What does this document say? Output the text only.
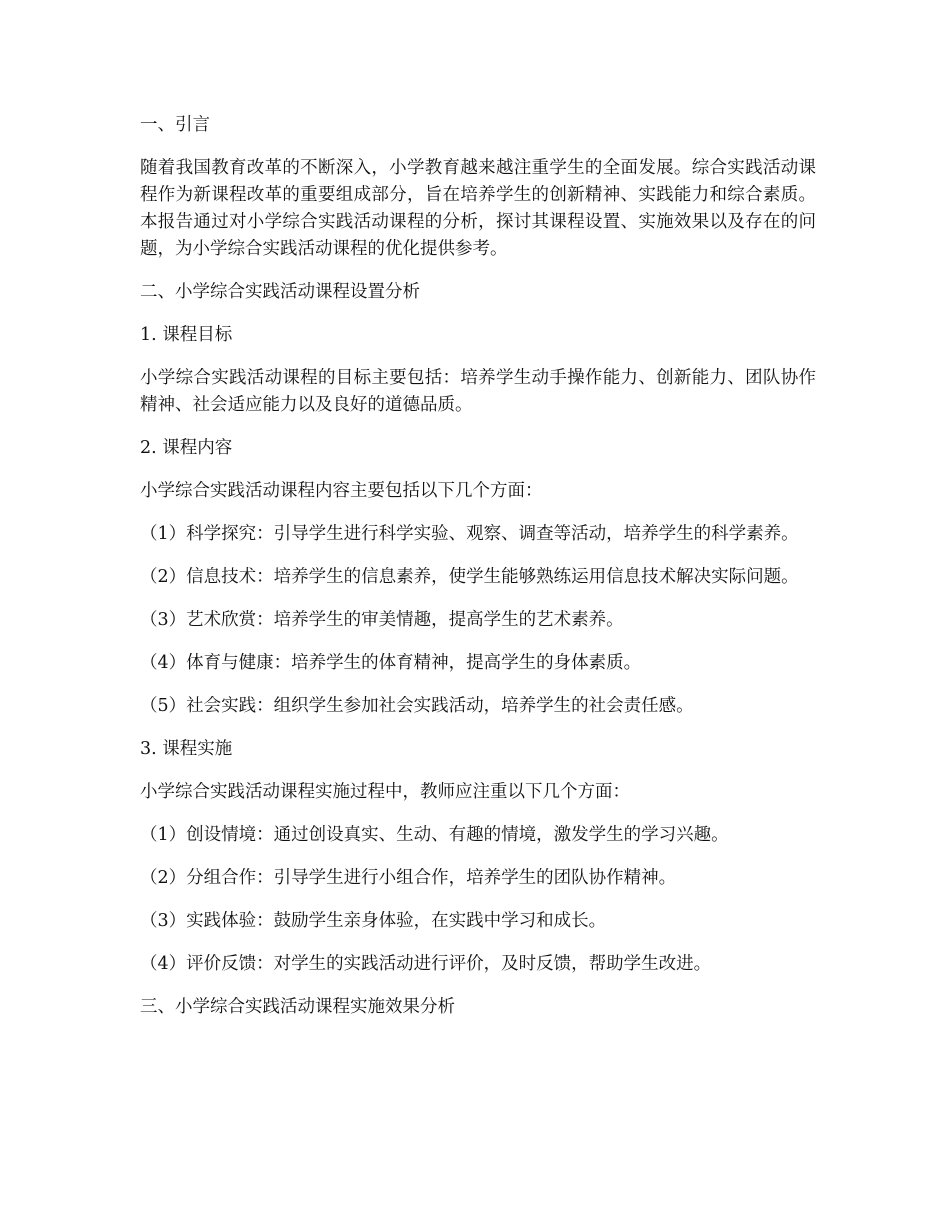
一、引言

随着我国教育改革的不断深入，小学教育越来越注重学生的全面发展。综合实践活动课程作为新课程改革的重要组成部分，旨在培养学生的创新精神、实践能力和综合素质。本报告通过对小学综合实践活动课程的分析，探讨其课程设置、实施效果以及存在的问题，为小学综合实践活动课程的优化提供参考。

二、小学综合实践活动课程设置分析

1. 课程目标

小学综合实践活动课程的目标主要包括：培养学生动手操作能力、创新能力、团队协作精神、社会适应能力以及良好的道德品质。

2. 课程内容

小学综合实践活动课程内容主要包括以下几个方面：

（1）科学探究：引导学生进行科学实验、观察、调查等活动，培养学生的科学素养。

（2）信息技术：培养学生的信息素养，使学生能够熟练运用信息技术解决实际问题。

（3）艺术欣赏：培养学生的审美情趣，提高学生的艺术素养。

（4）体育与健康：培养学生的体育精神，提高学生的身体素质。

（5）社会实践：组织学生参加社会实践活动，培养学生的社会责任感。

3. 课程实施

小学综合实践活动课程实施过程中，教师应注重以下几个方面：

（1）创设情境：通过创设真实、生动、有趣的情境，激发学生的学习兴趣。

（2）分组合作：引导学生进行小组合作，培养学生的团队协作精神。

（3）实践体验：鼓励学生亲身体验，在实践中学习和成长。

（4）评价反馈：对学生的实践活动进行评价，及时反馈，帮助学生改进。

三、小学综合实践活动课程实施效果分析
